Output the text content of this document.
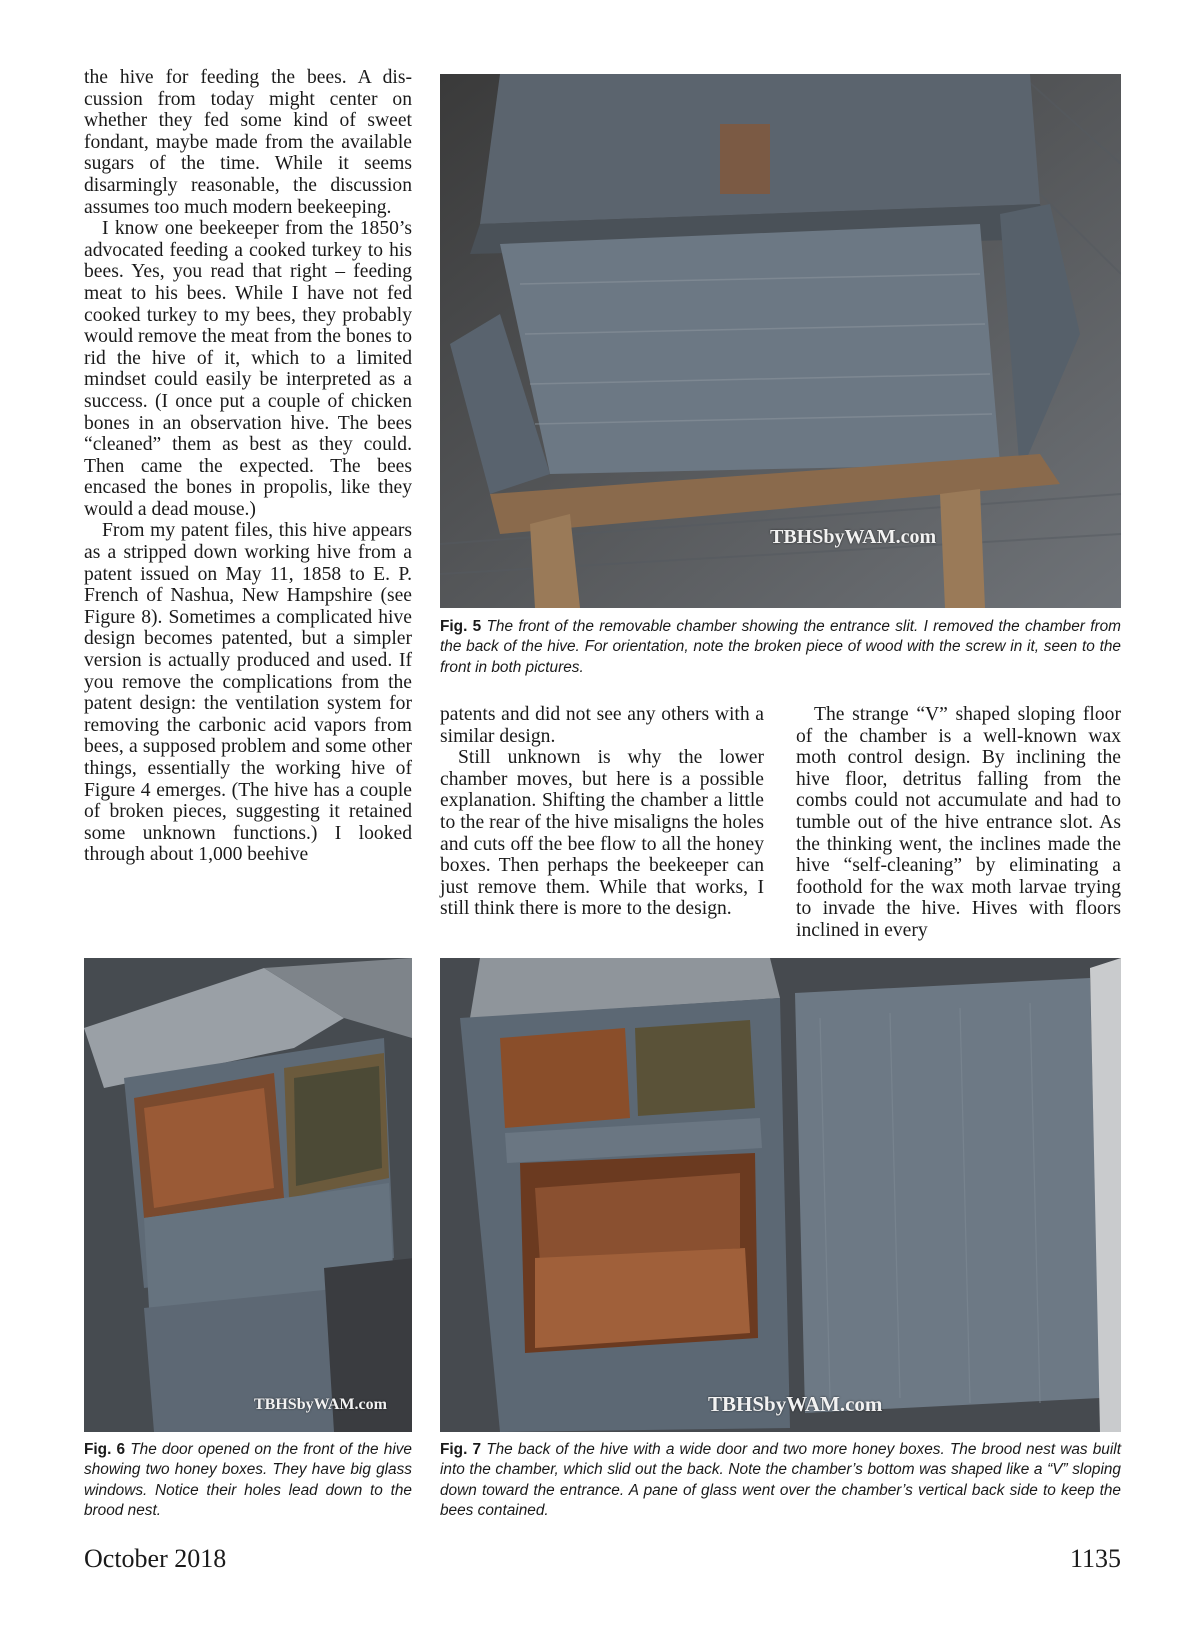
the hive for feeding the bees. A discussion from today might center on whether they fed some kind of sweet fondant, maybe made from the available sugars of the time. While it seems disarmingly reasonable, the discussion assumes too much modern beekeeping.

I know one beekeeper from the 1850’s advocated feeding a cooked turkey to his bees. Yes, you read that right – feeding meat to his bees. While I have not fed cooked turkey to my bees, they probably would remove the meat from the bones to rid the hive of it, which to a limited mindset could easily be interpreted as a success. (I once put a couple of chicken bones in an observation hive. The bees “cleaned” them as best as they could. Then came the expected. The bees encased the bones in propolis, like they would a dead mouse.)

From my patent files, this hive appears as a stripped down working hive from a patent issued on May 11, 1858 to E. P. French of Nashua, New Hampshire (see Figure 8). Sometimes a complicated hive design becomes patented, but a simpler version is actually produced and used. If you remove the complications from the patent design: the ventilation system for removing the carbonic acid vapors from bees, a supposed problem and some other things, essentially the working hive of Figure 4 emerges. (The hive has a couple of broken pieces, suggesting it retained some unknown functions.) I looked through about 1,000 beehive

TBHSbyWAM.com
Fig. 5 The front of the removable chamber showing the entrance slit. I removed the chamber from the back of the hive. For orientation, note the broken piece of wood with the screw in it, seen to the front in both pictures.

patents and did not see any others with a similar design.

Still unknown is why the lower chamber moves, but here is a possible explanation. Shifting the chamber a little to the rear of the hive misaligns the holes and cuts off the bee flow to all the honey boxes. Then perhaps the beekeeper can just remove them. While that works, I still think there is more to the design.

The strange “V” shaped sloping floor of the chamber is a well-known wax moth control design. By inclining the hive floor, detritus falling from the combs could not accumulate and had to tumble out of the hive entrance slot. As the thinking went, the inclines made the hive “self-cleaning” by eliminating a foothold for the wax moth larvae trying to invade the hive. Hives with floors inclined in every

TBHSbyWAM.com
Fig. 6 The door opened on the front of the hive showing two honey boxes. They have big glass windows. Notice their holes lead down to the brood nest.
TBHSbyWAM.com
Fig. 7 The back of the hive with a wide door and two more honey boxes. The brood nest was built into the chamber, which slid out the back. Note the chamber’s bottom was shaped like a “V” sloping down toward the entrance. A pane of glass went over the chamber’s vertical back side to keep the bees contained.
October 2018	1135
